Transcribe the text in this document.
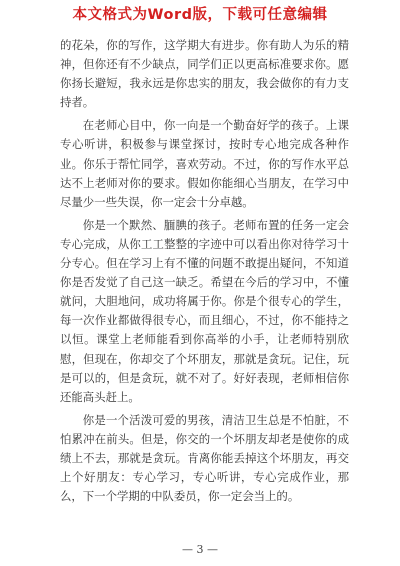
本文格式为Word版，下载可任意编辑

的花朵，你的写作，这学期大有进步。你有助人为乐的精神，但你还有不少缺点，同学们正以更高标准要求你。愿你扬长避短，我永远是你忠实的朋友，我会做你的有力支持者。

在老师心目中，你一向是一个勤奋好学的孩子。上课专心听讲，积极参与课堂探讨，按时专心地完成各种作业。你乐于帮忙同学，喜欢劳动。不过，你的写作水平总达不上老师对你的要求。假如你能细心当朋友，在学习中尽量少一些失误，你一定会十分卓越。

你是一个默然、腼腆的孩子。老师布置的任务一定会专心完成，从你工工整整的字迹中可以看出你对待学习十分专心。但在学习上有不懂的问题不敢提出疑问，不知道你是否发觉了自己这一缺乏。希望在今后的学习中，不懂就问，大胆地问，成功将属于你。你是个很专心的学生，每一次作业都做得很专心，而且细心，不过，你不能持之以恒。课堂上老师能看到你高举的小手，让老师特别欣慰，但现在，你却交了个坏朋友，那就是贪玩。记住，玩是可以的，但是贪玩，就不对了。好好表现，老师相信你还能高头赶上。

你是一个活泼可爱的男孩，清洁卫生总是不怕脏，不怕累冲在前头。但是，你交的一个坏朋友却老是使你的成绩上不去，那就是贪玩。肯离你能丢掉这个坏朋友，再交上个好朋友：专心学习，专心听讲，专心完成作业，那么，下一个学期的中队委员，你一定会当上的。

— 3 —
